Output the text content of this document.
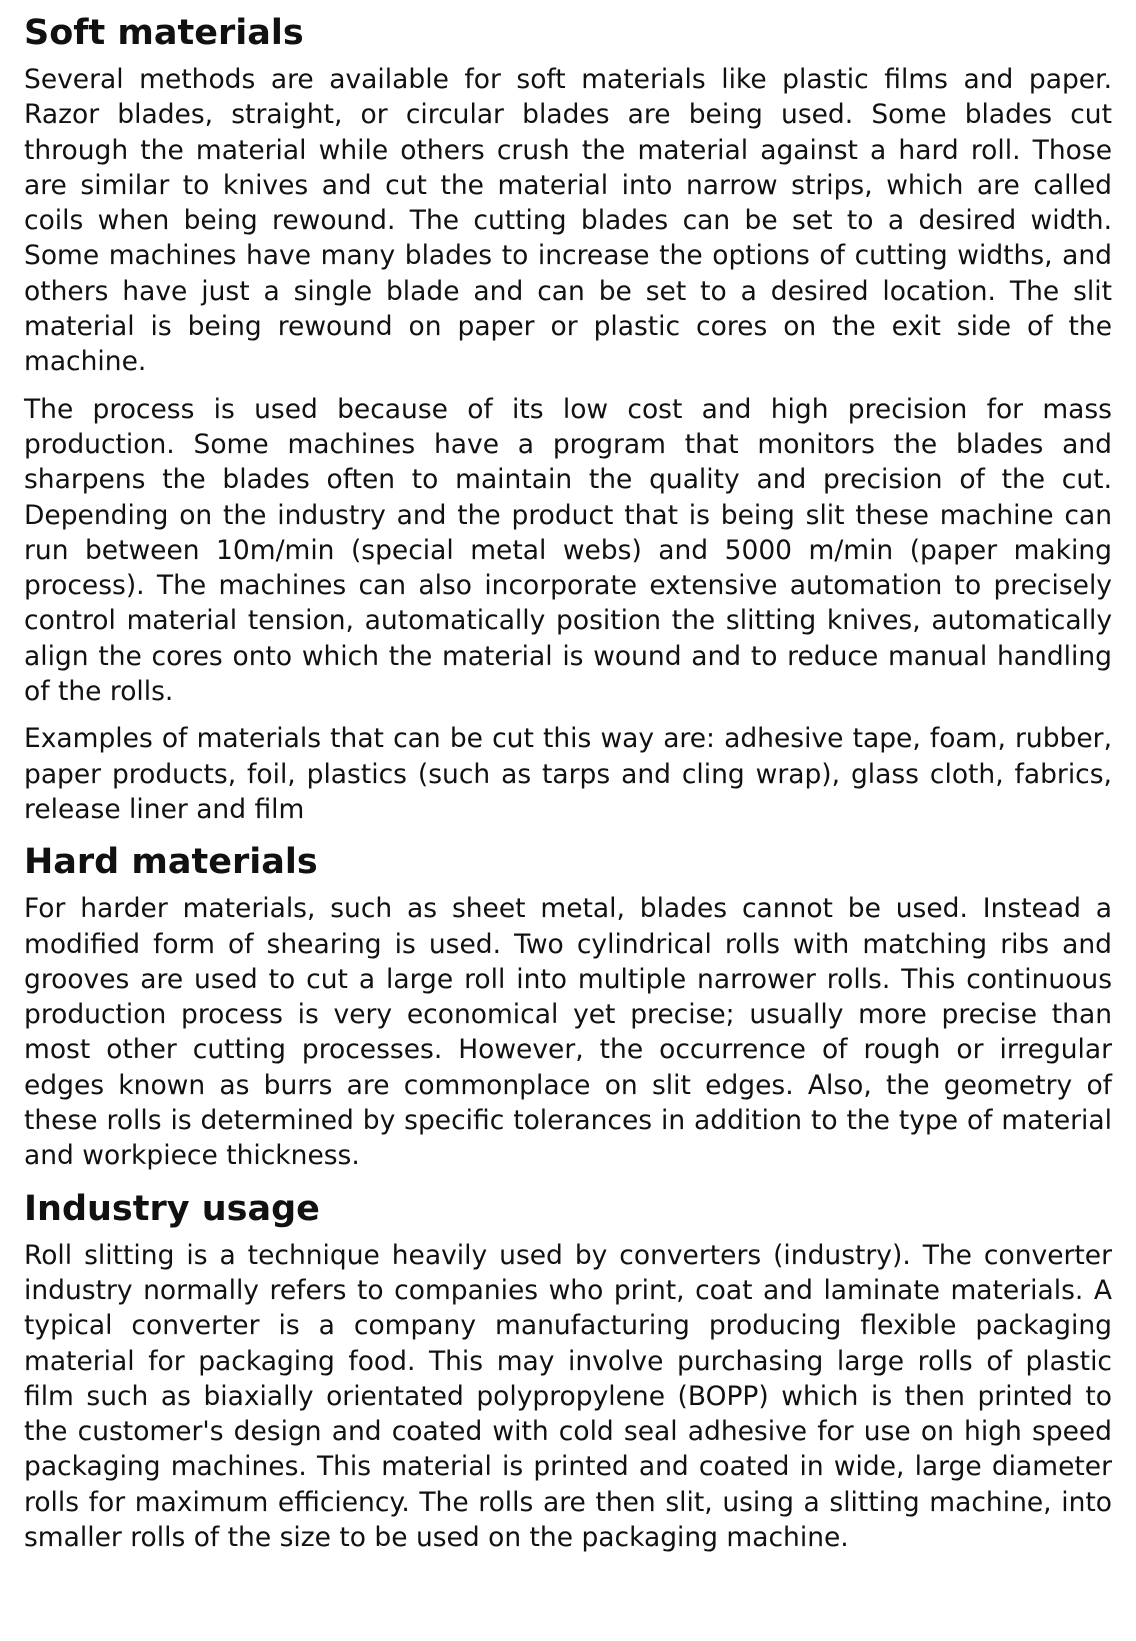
Soft materials

Several methods are available for soft materials like plastic films and paper. Razor blades, straight, or circular blades are being used. Some blades cut through the material while others crush the material against a hard roll. Those are similar to knives and cut the material into narrow strips, which are called coils when being rewound. The cutting blades can be set to a desired width. Some machines have many blades to increase the options of cutting widths, and others have just a single blade and can be set to a desired location. The slit material is being rewound on paper or plastic cores on the exit side of the machine.

The process is used because of its low cost and high precision for mass production. Some machines have a program that monitors the blades and sharpens the blades often to maintain the quality and precision of the cut. Depending on the industry and the product that is being slit these machine can run between 10m/min (special metal webs) and 5000 m/min (paper making process). The machines can also incorporate extensive automation to precisely control material tension, automatically position the slitting knives, automatically align the cores onto which the material is wound and to reduce manual handling of the rolls.

Examples of materials that can be cut this way are: adhesive tape, foam, rubber, paper products, foil, plastics (such as tarps and cling wrap), glass cloth, fabrics, release liner and film

Hard materials

For harder materials, such as sheet metal, blades cannot be used. Instead a modified form of shearing is used. Two cylindrical rolls with matching ribs and grooves are used to cut a large roll into multiple narrower rolls. This continuous production process is very economical yet precise; usually more precise than most other cutting processes. However, the occurrence of rough or irregular edges known as burrs are commonplace on slit edges. Also, the geometry of these rolls is determined by specific tolerances in addition to the type of material and workpiece thickness.

Industry usage

Roll slitting is a technique heavily used by converters (industry). The converter industry normally refers to companies who print, coat and laminate materials. A typical converter is a company manufacturing producing flexible packaging material for packaging food. This may involve purchasing large rolls of plastic film such as biaxially orientated polypropylene (BOPP) which is then printed to the customer's design and coated with cold seal adhesive for use on high speed packaging machines. This material is printed and coated in wide, large diameter rolls for maximum efficiency. The rolls are then slit, using a slitting machine, into smaller rolls of the size to be used on the packaging machine.
